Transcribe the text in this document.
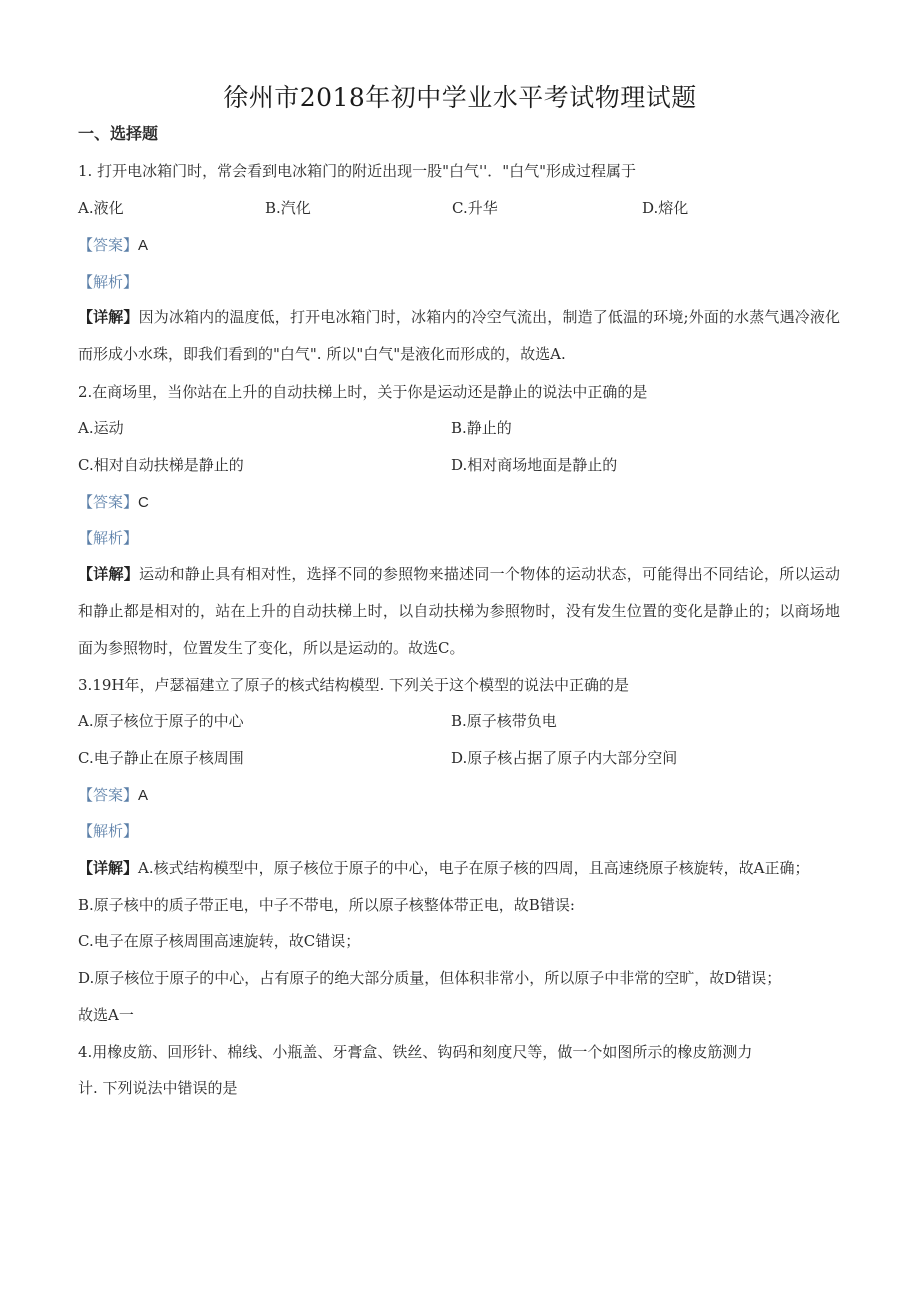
徐州市2018年初中学业水平考试物理试题
一、选择题
1. 打开电冰箱门时，常会看到电冰箱门的附近出现一股"白气''．"白气"形成过程属于
A.液化	B.汽化	C.升华	D.熔化
【答案】A
【解析】
【详解】因为冰箱内的温度低，打开电冰箱门时，冰箱内的冷空气流出，制造了低温的环境;外面的水蒸气遇冷液化而形成小水珠，即我们看到的"白气". 所以"白气"是液化而形成的，故选A.
2.在商场里，当你站在上升的自动扶梯上时，关于你是运动还是静止的说法中正确的是
A.运动	B.静止的
C.相对自动扶梯是静止的	D.相对商场地面是静止的
【答案】C
【解析】
【详解】运动和静止具有相对性，选择不同的参照物来描述同一个物体的运动状态，可能得出不同结论，所以运动和静止都是相对的，站在上升的自动扶梯上时，以自动扶梯为参照物时，没有发生位置的变化是静止的；以商场地面为参照物时，位置发生了变化，所以是运动的。故选C。
3.19H年，卢瑟福建立了原子的核式结构模型. 下列关于这个模型的说法中正确的是
A.原子核位于原子的中心	B.原子核带负电
C.电子静止在原子核周围	D.原子核占据了原子内大部分空间
【答案】A
【解析】
【详解】A.核式结构模型中，原子核位于原子的中心，电子在原子核的四周，且高速绕原子核旋转，故A正确；
B.原子核中的质子带正电，中子不带电，所以原子核整体带正电，故B错误:
C.电子在原子核周围高速旋转，故C错误；
D.原子核位于原子的中心，占有原子的绝大部分质量，但体积非常小，所以原子中非常的空旷，故D错误；
故选A一
4.用橡皮筋、回形针、棉线、小瓶盖、牙膏盒、铁丝、钩码和刻度尺等，做一个如图所示的橡皮筋测力
计. 下列说法中错误的是
